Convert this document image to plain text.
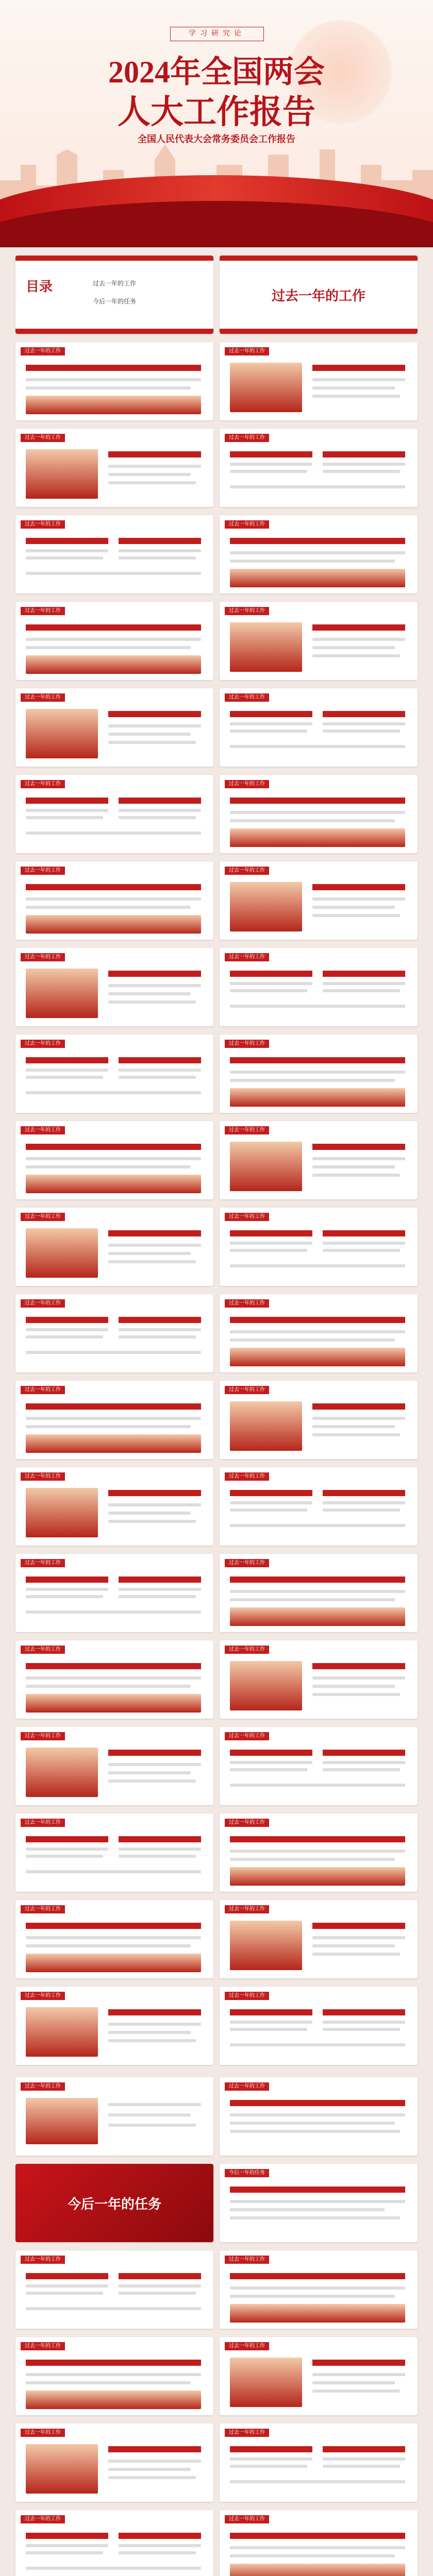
学习研究论
2024年全国两会
人大工作报告
全国人民代表大会常务委员会工作报告
目录	过去一年的工作
今后一年的任务	过去一年的工作
过去一年的工作	过去一年的工作
过去一年的工作	过去一年的工作
过去一年的工作	过去一年的工作
过去一年的工作	过去一年的工作
过去一年的工作	过去一年的工作
过去一年的工作	过去一年的工作
过去一年的工作	过去一年的工作
过去一年的工作	过去一年的工作
过去一年的工作	过去一年的工作
过去一年的工作	过去一年的工作
过去一年的工作	过去一年的工作
过去一年的工作	过去一年的工作
过去一年的工作	过去一年的工作
过去一年的工作	过去一年的工作
过去一年的工作	过去一年的工作
过去一年的工作	过去一年的工作
过去一年的工作	过去一年的工作
过去一年的工作	过去一年的工作
过去一年的工作	过去一年的工作
过去一年的工作	过去一年的工作
过去一年的工作	过去一年的工作
今后一年的任务
今后一年的任务
过去一年的工作	过去一年的工作
过去一年的工作	过去一年的工作
过去一年的工作	过去一年的工作
过去一年的工作	过去一年的工作
